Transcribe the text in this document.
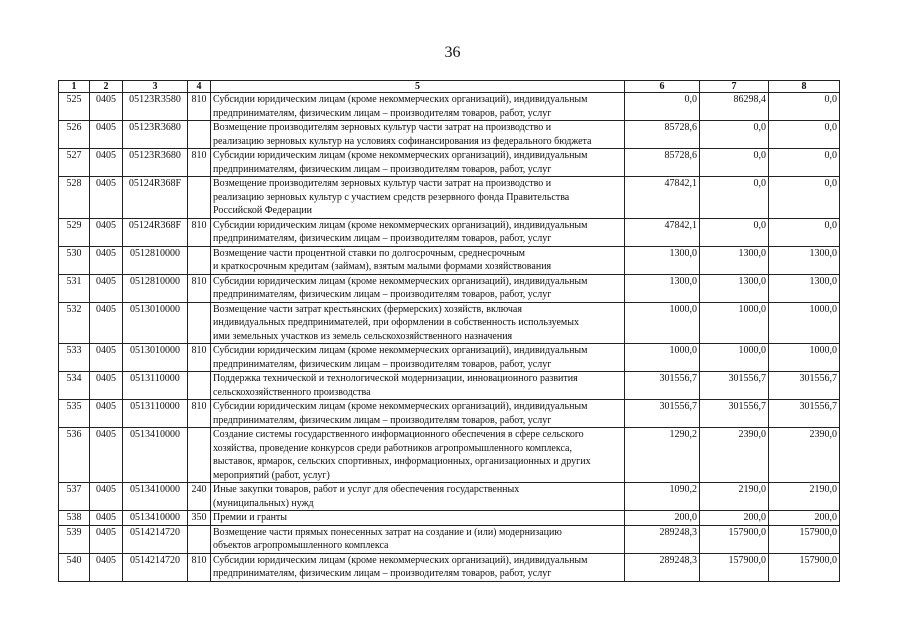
36
1	2	3	4	5	6	7	8
525	0405	05123R3580	810	Субсидии юридическим лицам (кроме некоммерческих организаций), индивидуальным
предпринимателям, физическим лицам – производителям товаров, работ, услуг	0,0	86298,4	0,0
526	0405	05123R3680		Возмещение производителям зерновых культур части затрат на производство и
реализацию зерновых культур на условиях софинансирования из федерального бюджета	85728,6	0,0	0,0
527	0405	05123R3680	810	Субсидии юридическим лицам (кроме некоммерческих организаций), индивидуальным
предпринимателям, физическим лицам – производителям товаров, работ, услуг	85728,6	0,0	0,0
528	0405	05124R368F		Возмещение производителям зерновых культур части затрат на производство и
реализацию зерновых культур с участием средств резервного фонда Правительства
Российской Федерации	47842,1	0,0	0,0
529	0405	05124R368F	810	Субсидии юридическим лицам (кроме некоммерческих организаций), индивидуальным
предпринимателям, физическим лицам – производителям товаров, работ, услуг	47842,1	0,0	0,0
530	0405	0512810000		Возмещение части процентной ставки по долгосрочным, среднесрочным
и краткосрочным кредитам (займам), взятым малыми формами хозяйствования	1300,0	1300,0	1300,0
531	0405	0512810000	810	Субсидии юридическим лицам (кроме некоммерческих организаций), индивидуальным
предпринимателям, физическим лицам – производителям товаров, работ, услуг	1300,0	1300,0	1300,0
532	0405	0513010000		Возмещение части затрат крестьянских (фермерских) хозяйств, включая
индивидуальных предпринимателей, при оформлении в собственность используемых
ими земельных участков из земель сельскохозяйственного назначения	1000,0	1000,0	1000,0
533	0405	0513010000	810	Субсидии юридическим лицам (кроме некоммерческих организаций), индивидуальным
предпринимателям, физическим лицам – производителям товаров, работ, услуг	1000,0	1000,0	1000,0
534	0405	0513110000		Поддержка технической и технологической модернизации, инновационного развития
сельскохозяйственного производства	301556,7	301556,7	301556,7
535	0405	0513110000	810	Субсидии юридическим лицам (кроме некоммерческих организаций), индивидуальным
предпринимателям, физическим лицам – производителям товаров, работ, услуг	301556,7	301556,7	301556,7
536	0405	0513410000		Создание системы государственного информационного обеспечения в сфере сельского
хозяйства, проведение конкурсов среди работников агропромышленного комплекса,
выставок, ярмарок, сельских спортивных, информационных, организационных и других
мероприятий (работ, услуг)	1290,2	2390,0	2390,0
537	0405	0513410000	240	Иные закупки товаров, работ и услуг для обеспечения государственных
(муниципальных) нужд	1090,2	2190,0	2190,0
538	0405	0513410000	350	Премии и гранты	200,0	200,0	200,0
539	0405	0514214720		Возмещение части прямых понесенных затрат на создание и (или) модернизацию
объектов агропромышленного комплекса	289248,3	157900,0	157900,0
540	0405	0514214720	810	Субсидии юридическим лицам (кроме некоммерческих организаций), индивидуальным
предпринимателям, физическим лицам – производителям товаров, работ, услуг	289248,3	157900,0	157900,0
